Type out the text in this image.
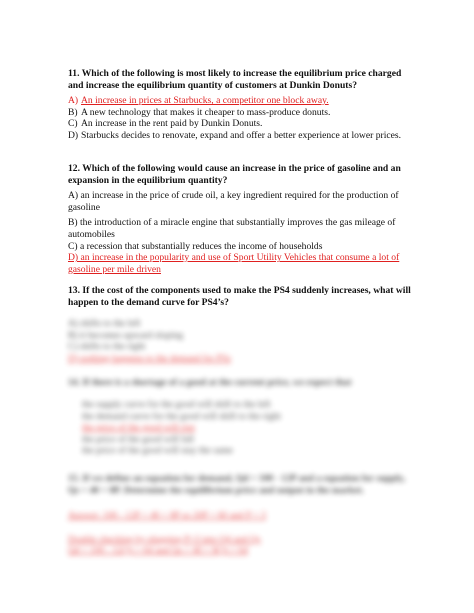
11. Which of the following is most likely to increase the equilibrium price charged and increase the equilibrium quantity of customers at Dunkin Donuts?

A) An increase in prices at Starbucks, a competitor one block away.
B) A new technology that makes it cheaper to mass-produce donuts.
C) An increase in the rent paid by Dunkin Donuts.
D) Starbucks decides to renovate, expand and offer a better experience at lower prices.

12. Which of the following would cause an increase in the price of gasoline and an expansion in the equilibrium quantity?

A) an increase in the price of crude oil, a key ingredient required for the production of gasoline

B) the introduction of a miracle engine that substantially improves the gas mileage of automobiles

C) a recession that substantially reduces the income of households

D) an increase in the popularity and use of Sport Utility Vehicles that consume a lot of gasoline per mile driven

13. If the cost of the components used to make the PS4 suddenly increases, what will happen to the demand curve for PS4’s?

A) shifts to the left

B) it becomes upward sloping

C) shifts to the right

D) nothing happens to the demand for PSs

14. If there is a shortage of a good at the current price, we expect that

the supply curve for the good will shift to the left

the demand curve for the good will shift to the right

the price of the good will rise

the price of the good will fall

the price of the good will stay the same

15. If we define an equation for demand, Qd = 100 - 12P and a equation for supply, Qs = 40 + 8P. Determine the equilibrium price and output in the market.

Answer: 100 - 12P = 40 + 8P so 20P = 60 and P = 3

Double checking by plugging P=3 into Qd and Qs

Qd = 100 - 12(3) = 64 and Qs = 40 + 8(3) = 64
